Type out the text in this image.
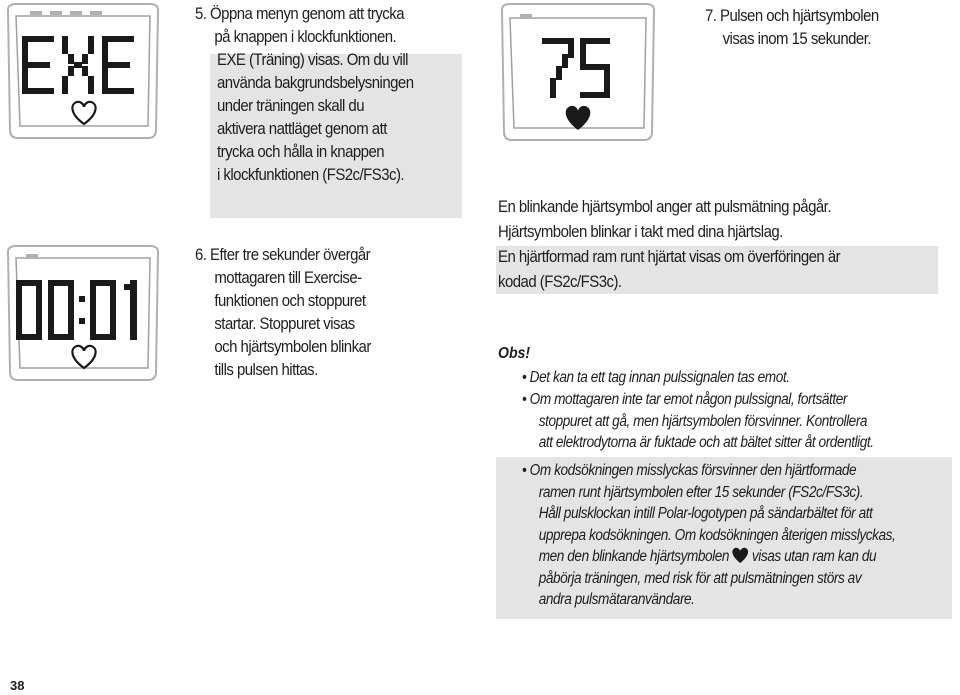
5. Öppna menyn genom att trycka
på knappen i klockfunktionen.
EXE (Träning) visas. Om du vill
använda bakgrundsbelysningen
under träningen skall du
aktivera nattläget genom att
trycka och hålla in knappen
i klockfunktionen (FS2c/FS3c).
6. Efter tre sekunder övergår
mottagaren till Exercise-
funktionen och stoppuret
startar. Stoppuret visas
och hjärtsymbolen blinkar
tills pulsen hittas.
7. Pulsen och hjärtsymbolen
visas inom 15 sekunder.
En blinkande hjärtsymbol anger att pulsmätning pågår.
Hjärtsymbolen blinkar i takt med dina hjärtslag.
En hjärtformad ram runt hjärtat visas om överföringen är
kodad (FS2c/FS3c).
Obs!
• Det kan ta ett tag innan pulssignalen tas emot.
• Om mottagaren inte tar emot någon pulssignal, fortsätter
stoppuret att gå, men hjärtsymbolen försvinner. Kontrollera
att elektrodytorna är fuktade och att bältet sitter åt ordentligt.
• Om kodsökningen misslyckas försvinner den hjärtformade
ramen runt hjärtsymbolen efter 15 sekunder (FS2c/FS3c).
Håll pulsklockan intill Polar-logotypen på sändarbältet för att
upprepa kodsökningen. Om kodsökningen återigen misslyckas,
men den blinkande hjärtsymbolen visas utan ram kan du
påbörja träningen, med risk för att pulsmätningen störs av
andra pulsmätaranvändare.
38
